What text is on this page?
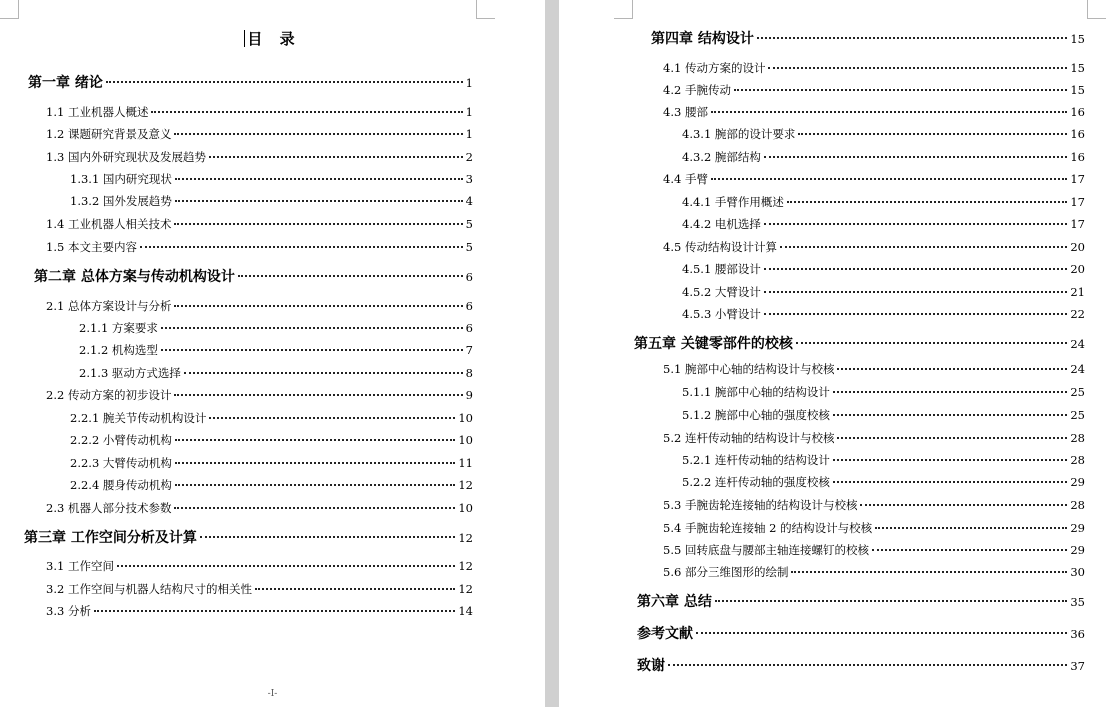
目 录
第一章 绪论	1
1.1 工业机器人概述	1
1.2 课题研究背景及意义	1
1.3 国内外研究现状及发展趋势	2
1.3.1 国内研究现状	3
1.3.2 国外发展趋势	4
1.4 工业机器人相关技术	5
1.5 本文主要内容	5
第二章 总体方案与传动机构设计	6
2.1 总体方案设计与分析	6
2.1.1 方案要求	6
2.1.2 机构选型	7
2.1.3 驱动方式选择	8
2.2 传动方案的初步设计	9
2.2.1 腕关节传动机构设计	10
2.2.2 小臂传动机构	10
2.2.3 大臂传动机构	11
2.2.4 腰身传动机构	12
2.3 机器人部分技术参数	10
第三章 工作空间分析及计算	12
3.1 工作空间	12
3.2 工作空间与机器人结构尺寸的相关性	12
3.3 分析	14
-I-
第四章 结构设计	15
4.1 传动方案的设计	15
4.2 手腕传动	15
4.3 腰部	16
4.3.1 腕部的设计要求	16
4.3.2 腕部结构	16
4.4 手臂	17
4.4.1 手臂作用概述	17
4.4.2 电机选择	17
4.5 传动结构设计计算	20
4.5.1 腰部设计	20
4.5.2 大臂设计	21
4.5.3 小臂设计	22
第五章 关键零部件的校核	24
5.1 腕部中心轴的结构设计与校核	24
5.1.1 腕部中心轴的结构设计	25
5.1.2 腕部中心轴的强度校核	25
5.2 连杆传动轴的结构设计与校核	28
5.2.1 连杆传动轴的结构设计	28
5.2.2 连杆传动轴的强度校核	29
5.3 手腕齿轮连接轴的结构设计与校核	28
5.4 手腕齿轮连接轴 2 的结构设计与校核	29
5.5 回转底盘与腰部主轴连接螺钉的校核	29
5.6 部分三维图形的绘制	30
第六章 总结	35
参考文献	36
致谢	37
